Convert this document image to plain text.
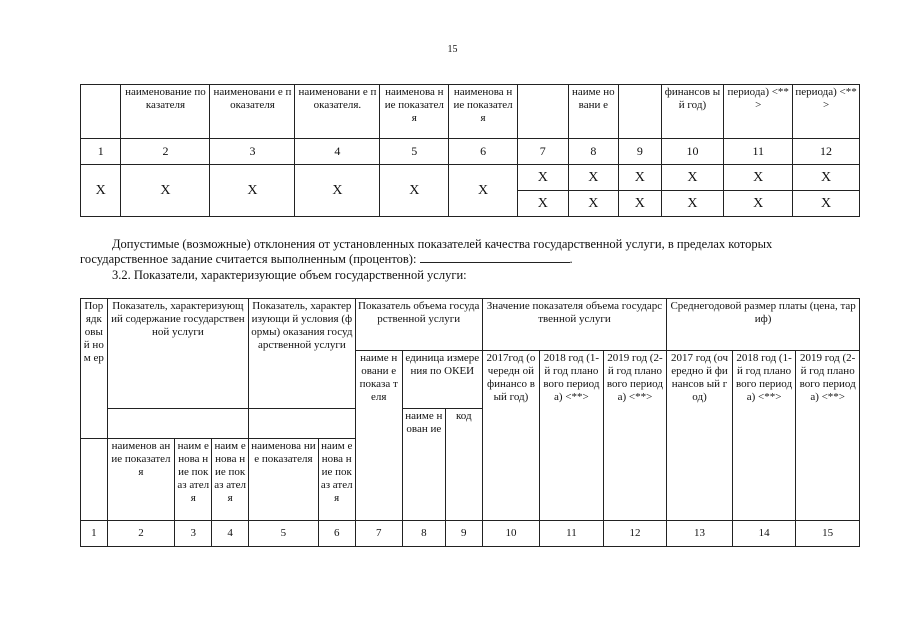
15
	наименование показателя	наименовани е показателя	наименовани е показателя.	наименова ние показателя	наименова ние показателя		наиме новани е		финансов ый год)	периода) <**>	периода) <**>
1	2	3	4	5	6	7	8	9	10	11	12
X	X	X	X	X	X	X	X	X	X	X	X
						X	X	X	X	X	X
Допустимые (возможные) отклонения от установленных показателей качества государственной услуги, в пределах которых государственное задание считается выполненным (процентов):	.
3.2. Показатели, характеризующие объем государственной услуги:
Пор ядк овы й ном ер	Показатель, характеризующий содержание государственной услуги			Показатель, характеризующи й условия (формы) оказания государственной услуги		Показатель объема государственной услуги			Значение показателя объема государственной услуги			Среднегодовой размер платы (цена, тариф)		
						наиме новани е показа теля	единица измерения по ОКЕИ		2017год (очередн ой финансо вый год)	2018 год (1-й год планового периода) <**>	2019 год (2-й год планового периода) <**>	2017 год (очередно й финансов ый год)	2018 год (1-й год планового периода) <**>	2019 год (2-й год планового периода) <**>
							наиме нован ие	код						
	наименов ание показател я	наим енова ние показ ателя	наим енова ние показ ателя	наименова ние показателя	наим енова ние показ ателя									
1	2	3	4	5	6	7	8	9	10	11	12	13	14	15
